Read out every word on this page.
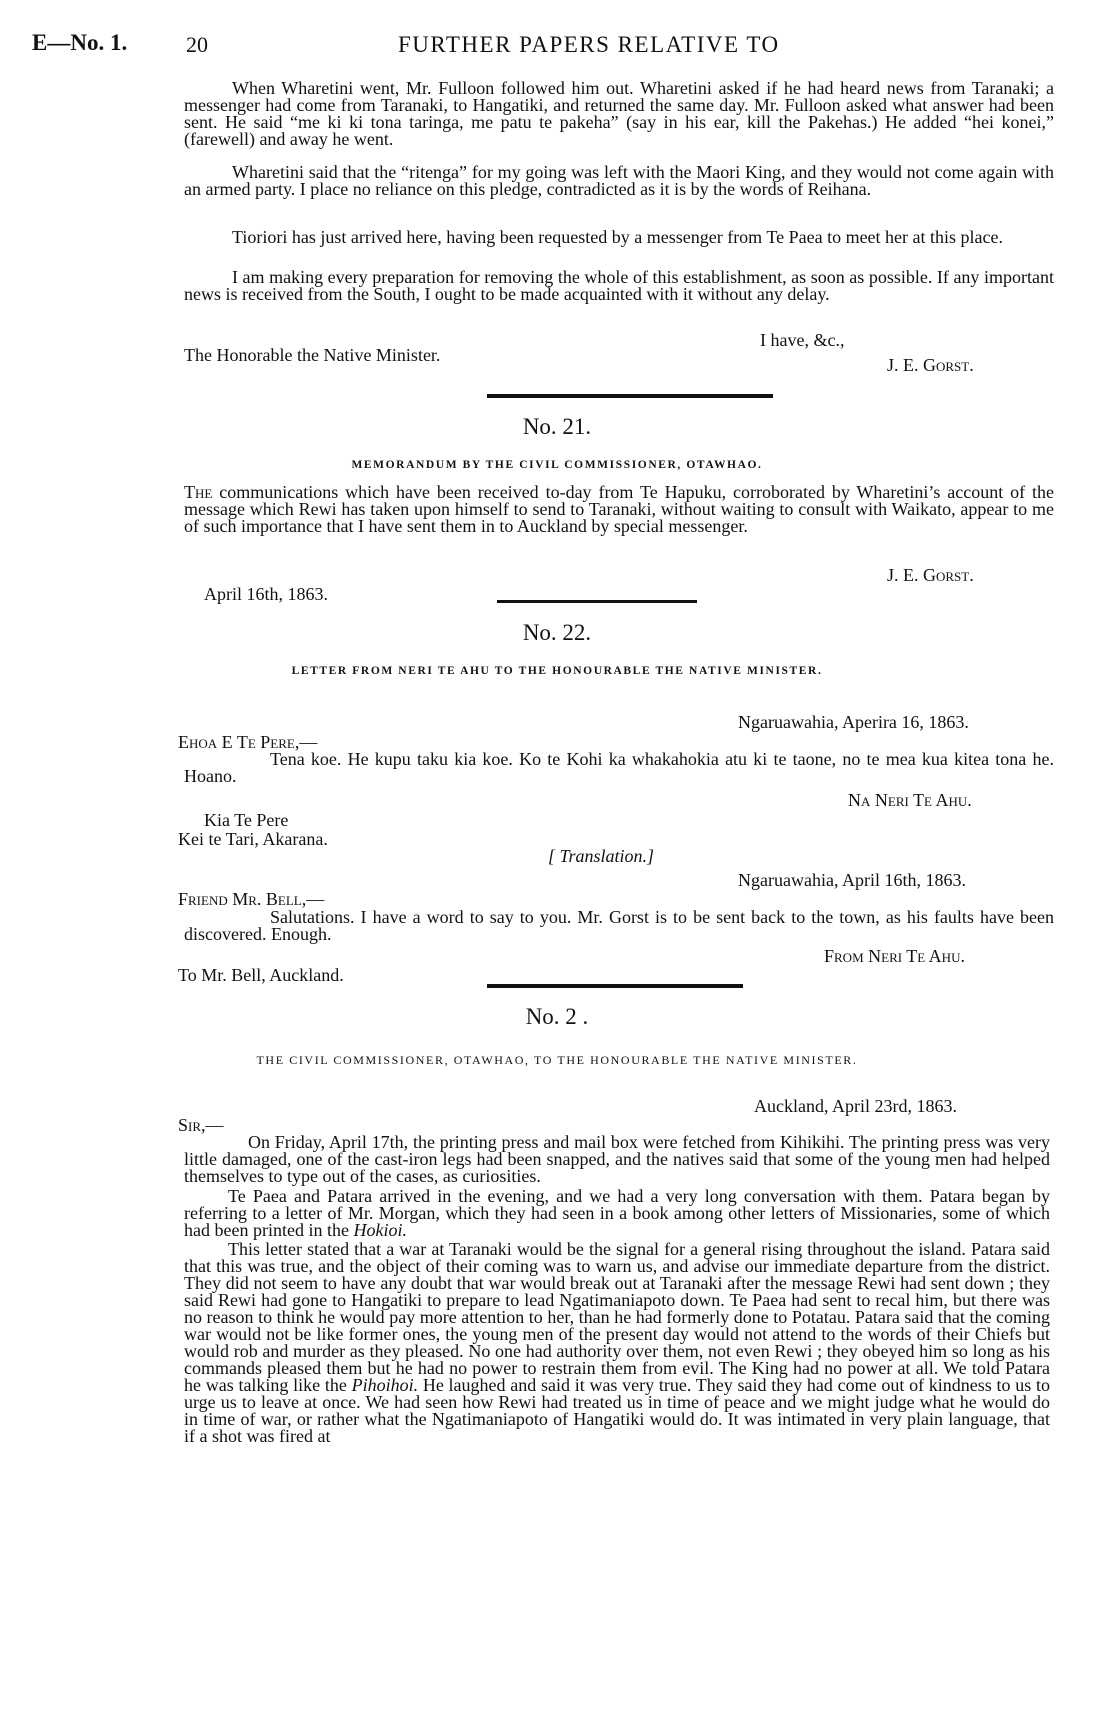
E—No. 1.	20	FURTHER PAPERS RELATIVE TO
When Wharetini went, Mr. Fulloon followed him out. Wharetini asked if he had heard news from Taranaki; a messenger had come from Taranaki, to Hangatiki, and returned the same day. Mr. Fulloon asked what answer had been sent. He said “me ki ki tona taringa, me patu te pakeha” (say in his ear, kill the Pakehas.) He added “hei konei,” (farewell) and away he went.
Wharetini said that the “ritenga” for my going was left with the Maori King, and they would not come again with an armed party. I place no reliance on this pledge, contradicted as it is by the words of Reihana.
Tioriori has just arrived here, having been requested by a messenger from Te Paea to meet her at this place.
I am making every preparation for removing the whole of this establishment, as soon as possible. If any important news is received from the South, I ought to be made acquainted with it without any delay.
I have, &c.,
The Honorable the Native Minister.	J. E. Gorst.
No. 21.
MEMORANDUM BY THE CIVIL COMMISSIONER, OTAWHAO.
The communications which have been received to-day from Te Hapuku, corroborated by Wharetini’s account of the message which Rewi has taken upon himself to send to Taranaki, without waiting to consult with Waikato, appear to me of such importance that I have sent them in to Auckland by special messenger.
J. E. Gorst.
April 16th, 1863.
No. 22.
LETTER FROM NERI TE AHU TO THE HONOURABLE THE NATIVE MINISTER.
Ngaruawahia, Aperira 16, 1863.
Ehoa E Te Pere,—
Tena koe. He kupu taku kia koe. Ko te Kohi ka whakahokia atu ki te taone, no te mea kua kitea tona he. Hoano.
Na Neri Te Ahu.
Kia Te Pere
Kei te Tari, Akarana.
[ Translation.]
Ngaruawahia, April 16th, 1863.
Friend Mr. Bell,—
Salutations. I have a word to say to you. Mr. Gorst is to be sent back to the town, as his faults have been discovered. Enough.
From Neri Te Ahu.
To Mr. Bell, Auckland.
No. 2 .
THE CIVIL COMMISSIONER, OTAWHAO, TO THE HONOURABLE THE NATIVE MINISTER.
Auckland, April 23rd, 1863.
Sir,—
On Friday, April 17th, the printing press and mail box were fetched from Kihikihi. The printing press was very little damaged, one of the cast-iron legs had been snapped, and the natives said that some of the young men had helped themselves to type out of the cases, as curiosities.
Te Paea and Patara arrived in the evening, and we had a very long conversation with them. Patara began by referring to a letter of Mr. Morgan, which they had seen in a book among other letters of Missionaries, some of which had been printed in the Hokioi.
This letter stated that a war at Taranaki would be the signal for a general rising throughout the island. Patara said that this was true, and the object of their coming was to warn us, and advise our immediate departure from the district. They did not seem to have any doubt that war would break out at Taranaki after the message Rewi had sent down ; they said Rewi had gone to Hangatiki to prepare to lead Ngatimaniapoto down. Te Paea had sent to recal him, but there was no reason to think he would pay more attention to her, than he had formerly done to Potatau. Patara said that the coming war would not be like former ones, the young men of the present day would not attend to the words of their Chiefs but would rob and murder as they pleased. No one had authority over them, not even Rewi ; they obeyed him so long as his commands pleased them but he had no power to restrain them from evil. The King had no power at all. We told Patara he was talking like the Pihoihoi. He laughed and said it was very true. They said they had come out of kindness to us to urge us to leave at once. We had seen how Rewi had treated us in time of peace and we might judge what he would do in time of war, or rather what the Ngatimaniapoto of Hangatiki would do. It was intimated in very plain language, that if a shot was fired at
